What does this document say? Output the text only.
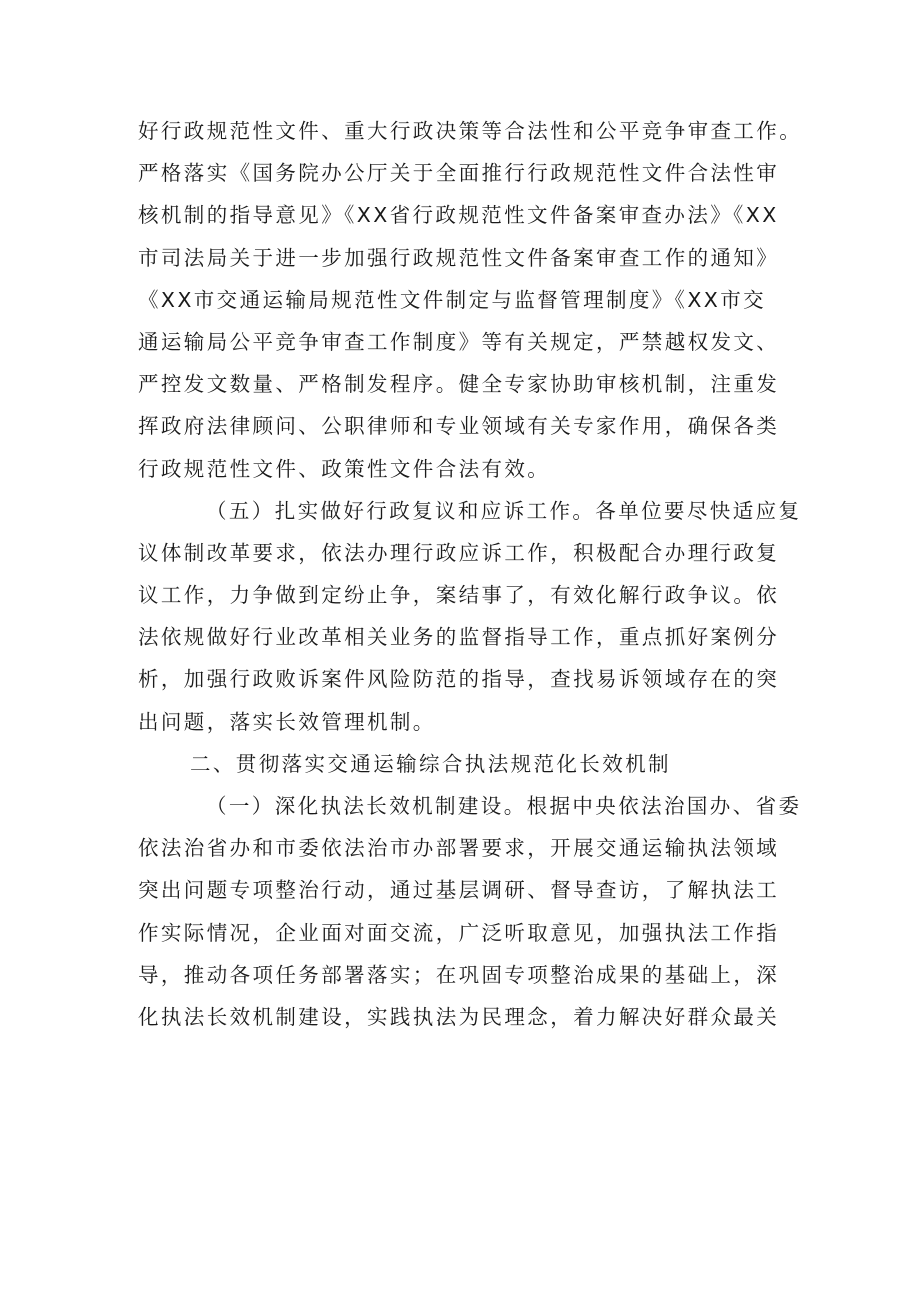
好行政规范性文件、重大行政决策等合法性和公平竞争审查工作。
严格落实《国务院办公厅关于全面推行行政规范性文件合法性审
核机制的指导意见》《XX省行政规范性文件备案审查办法》《XX
市司法局关于进一步加强行政规范性文件备案审查工作的通知》
《XX市交通运输局规范性文件制定与监督管理制度》《XX市交
通运输局公平竞争审查工作制度》等有关规定，严禁越权发文、
严控发文数量、严格制发程序。健全专家协助审核机制，注重发
挥政府法律顾问、公职律师和专业领域有关专家作用，确保各类
行政规范性文件、政策性文件合法有效。
（五）扎实做好行政复议和应诉工作。各单位要尽快适应复
议体制改革要求，依法办理行政应诉工作，积极配合办理行政复
议工作，力争做到定纷止争，案结事了，有效化解行政争议。依
法依规做好行业改革相关业务的监督指导工作，重点抓好案例分
析，加强行政败诉案件风险防范的指导，查找易诉领域存在的突
出问题，落实长效管理机制。
二、贯彻落实交通运输综合执法规范化长效机制
（一）深化执法长效机制建设。根据中央依法治国办、省委
依法治省办和市委依法治市办部署要求，开展交通运输执法领域
突出问题专项整治行动，通过基层调研、督导查访，了解执法工
作实际情况，企业面对面交流，广泛听取意见，加强执法工作指
导，推动各项任务部署落实；在巩固专项整治成果的基础上，深
化执法长效机制建设，实践执法为民理念，着力解决好群众最关
